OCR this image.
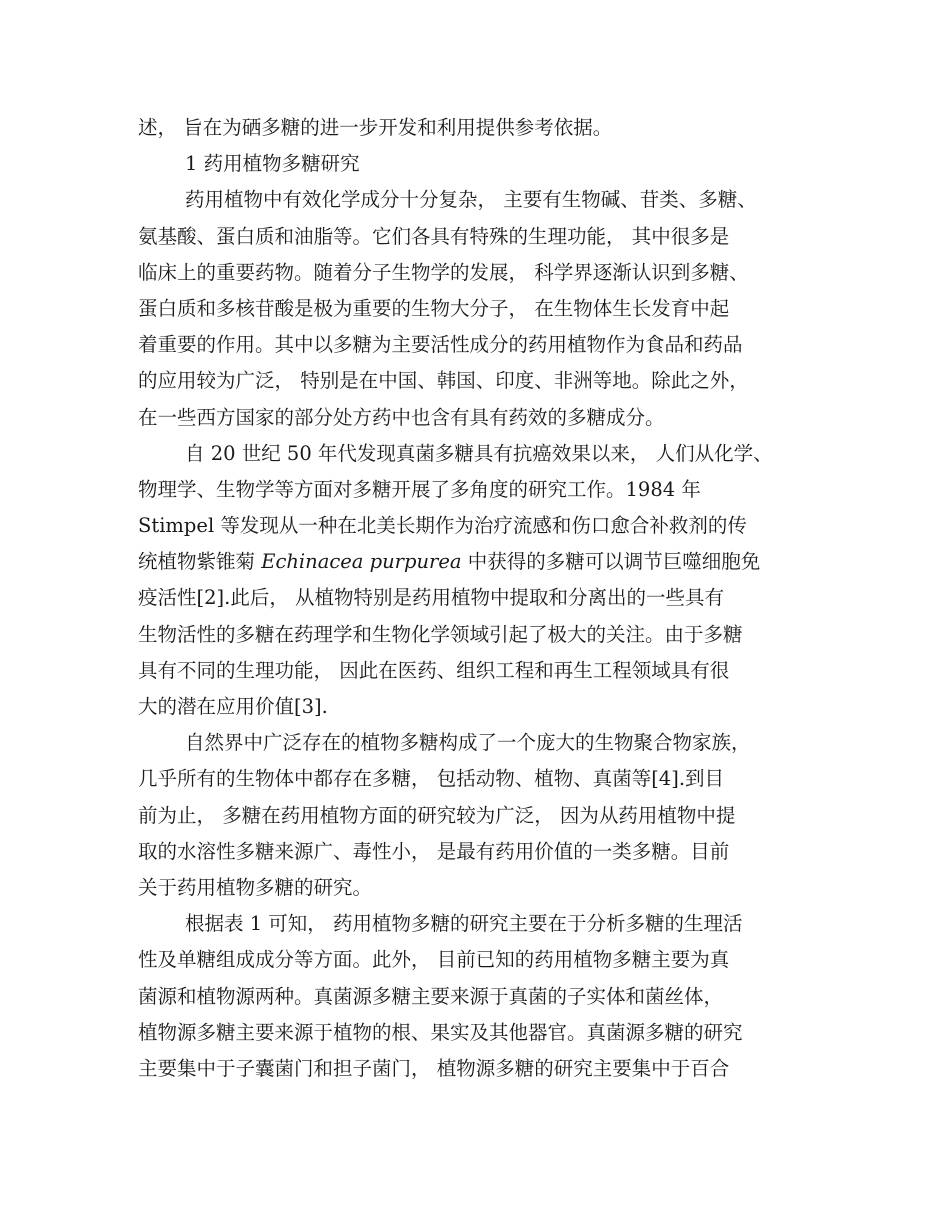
述， 旨在为硒多糖的进一步开发和利用提供参考依据。
1 药用植物多糖研究
药用植物中有效化学成分十分复杂， 主要有生物碱、苷类、多糖、
氨基酸、蛋白质和油脂等。它们各具有特殊的生理功能， 其中很多是
临床上的重要药物。随着分子生物学的发展， 科学界逐渐认识到多糖、
蛋白质和多核苷酸是极为重要的生物大分子， 在生物体生长发育中起
着重要的作用。其中以多糖为主要活性成分的药用植物作为食品和药品
的应用较为广泛， 特别是在中国、韩国、印度、非洲等地。除此之外，
在一些西方国家的部分处方药中也含有具有药效的多糖成分。
自 20 世纪 50 年代发现真菌多糖具有抗癌效果以来， 人们从化学、
物理学、生物学等方面对多糖开展了多角度的研究工作。1984 年
Stimpel 等发现从一种在北美长期作为治疗流感和伤口愈合补救剂的传
统植物紫锥菊 Echinacea purpurea 中获得的多糖可以调节巨噬细胞免
疫活性[2].此后， 从植物特别是药用植物中提取和分离出的一些具有
生物活性的多糖在药理学和生物化学领域引起了极大的关注。由于多糖
具有不同的生理功能， 因此在医药、组织工程和再生工程领域具有很
大的潜在应用价值[3].
自然界中广泛存在的植物多糖构成了一个庞大的生物聚合物家族，
几乎所有的生物体中都存在多糖， 包括动物、植物、真菌等[4].到目
前为止， 多糖在药用植物方面的研究较为广泛， 因为从药用植物中提
取的水溶性多糖来源广、毒性小， 是最有药用价值的一类多糖。目前
关于药用植物多糖的研究。
根据表 1 可知， 药用植物多糖的研究主要在于分析多糖的生理活
性及单糖组成成分等方面。此外， 目前已知的药用植物多糖主要为真
菌源和植物源两种。真菌源多糖主要来源于真菌的子实体和菌丝体，
植物源多糖主要来源于植物的根、果实及其他器官。真菌源多糖的研究
主要集中于子囊菌门和担子菌门， 植物源多糖的研究主要集中于百合
